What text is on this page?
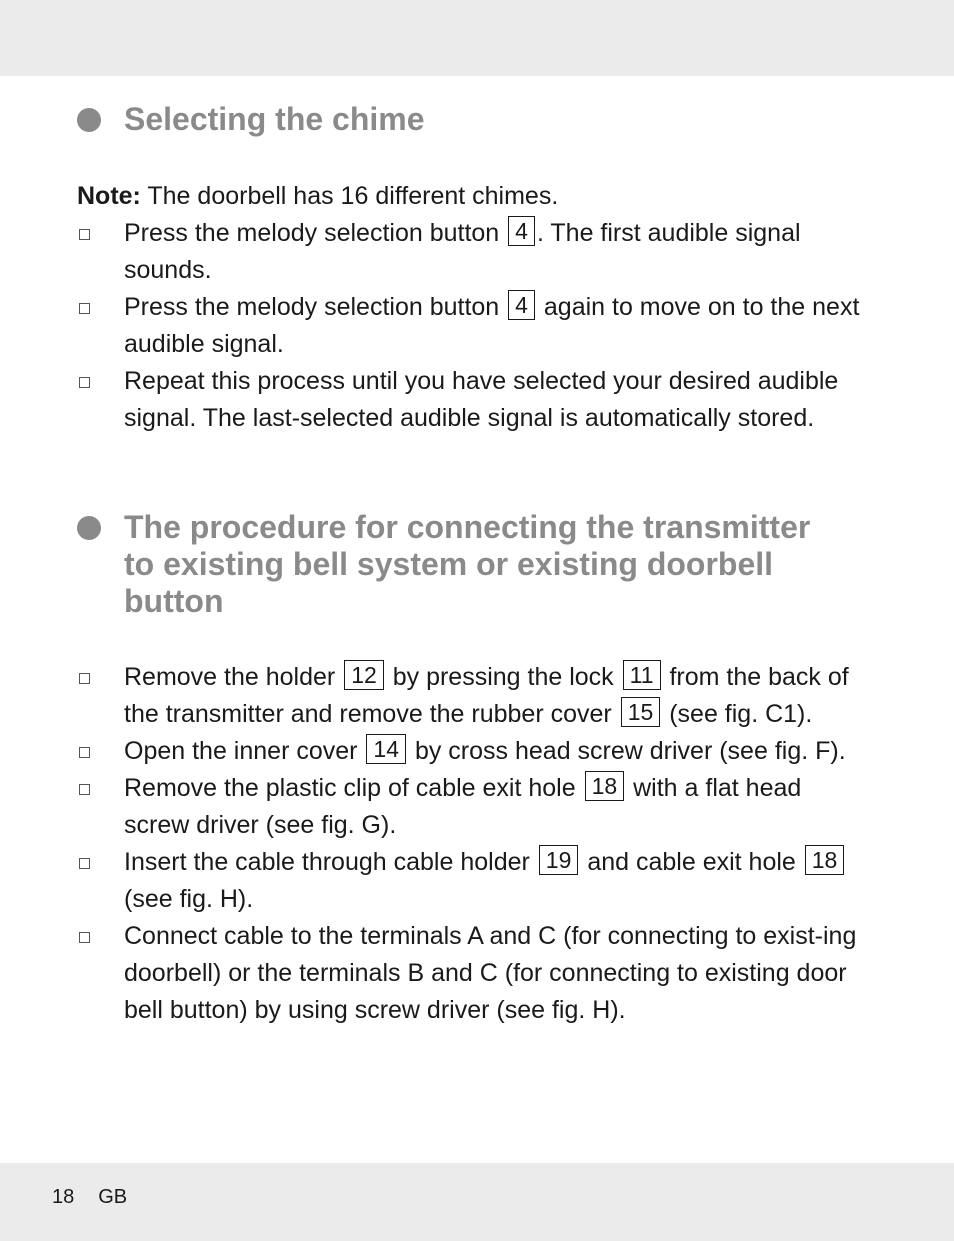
Selecting the chime
Note: The doorbell has 16 different chimes.
Press the melody selection button 4 . The first audible signal sounds.
Press the melody selection button 4 again to move on to the next audible signal.
Repeat this process until you have selected your desired audible signal. The last-selected audible signal is automatically stored.
The procedure for connecting the transmitter to existing bell system or existing doorbell button
Remove the holder 12 by pressing the lock 11 from the back of the transmitter and remove the rubber cover 15 (see fig. C1).
Open the inner cover 14 by cross head screw driver (see fig. F).
Remove the plastic clip of cable exit hole 18 with a flat head screw driver (see fig. G).
Insert the cable through cable holder 19 and cable exit hole 18 (see fig. H).
Connect cable to the terminals A and C (for connecting to exist-ing doorbell) or the terminals B and C (for connecting to existing door bell button) by using screw driver (see fig. H).
18 GB
